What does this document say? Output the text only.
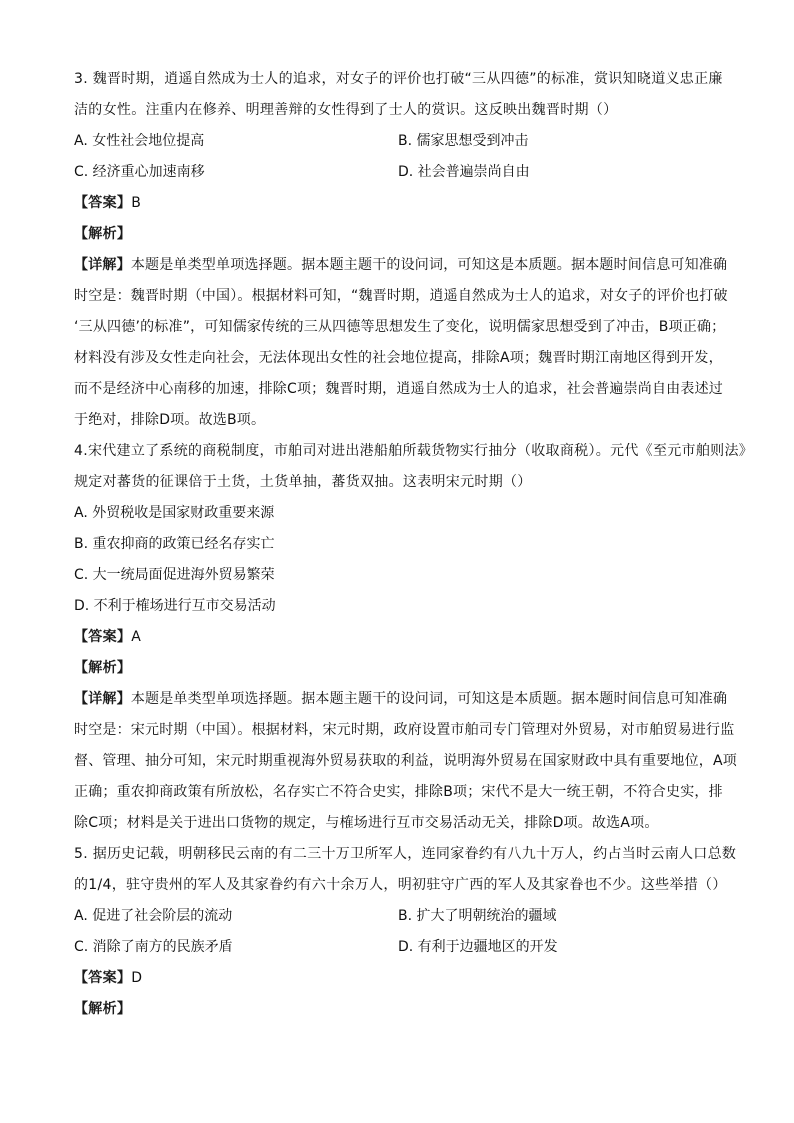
3. 魏晋时期，逍遥自然成为士人的追求，对女子的评价也打破“三从四德”的标准，赏识知晓道义忠正廉
洁的女性。注重内在修养、明理善辩的女性得到了士人的赏识。这反映出魏晋时期（）
A. 女性社会地位提高	B. 儒家思想受到冲击
C. 经济重心加速南移	D. 社会普遍崇尚自由
【答案】B
【解析】
【详解】本题是单类型单项选择题。据本题主题干的设问词，可知这是本质题。据本题时间信息可知准确
时空是：魏晋时期（中国）。根据材料可知，“魏晋时期，逍遥自然成为士人的追求，对女子的评价也打破
‘三从四德’的标准”，可知儒家传统的三从四德等思想发生了变化，说明儒家思想受到了冲击，B项正确；
材料没有涉及女性走向社会，无法体现出女性的社会地位提高，排除A项；魏晋时期江南地区得到开发，
而不是经济中心南移的加速，排除C项；魏晋时期，逍遥自然成为士人的追求，社会普遍崇尚自由表述过
于绝对，排除D项。故选B项。
4.宋代建立了系统的商税制度，市舶司对进出港船舶所载货物实行抽分（收取商税）。元代《至元市舶则法》
规定对蕃货的征课倍于土货，土货单抽，蕃货双抽。这表明宋元时期（）
A. 外贸税收是国家财政重要来源
B. 重农抑商的政策已经名存实亡
C. 大一统局面促进海外贸易繁荣
D. 不利于榷场进行互市交易活动
【答案】A
【解析】
【详解】本题是单类型单项选择题。据本题主题干的设问词，可知这是本质题。据本题时间信息可知准确
时空是：宋元时期（中国）。根据材料，宋元时期，政府设置市舶司专门管理对外贸易，对市舶贸易进行监
督、管理、抽分可知，宋元时期重视海外贸易获取的利益，说明海外贸易在国家财政中具有重要地位，A项
正确；重农抑商政策有所放松，名存实亡不符合史实，排除B项；宋代不是大一统王朝，不符合史实，排
除C项；材料是关于进出口货物的规定，与榷场进行互市交易活动无关，排除D项。故选A项。
5. 据历史记载，明朝移民云南的有二三十万卫所军人，连同家眷约有八九十万人，约占当时云南人口总数
的1/4，驻守贵州的军人及其家眷约有六十余万人，明初驻守广西的军人及其家眷也不少。这些举措（）
A. 促进了社会阶层的流动	B. 扩大了明朝统治的疆域
C. 消除了南方的民族矛盾	D. 有利于边疆地区的开发
【答案】D
【解析】
